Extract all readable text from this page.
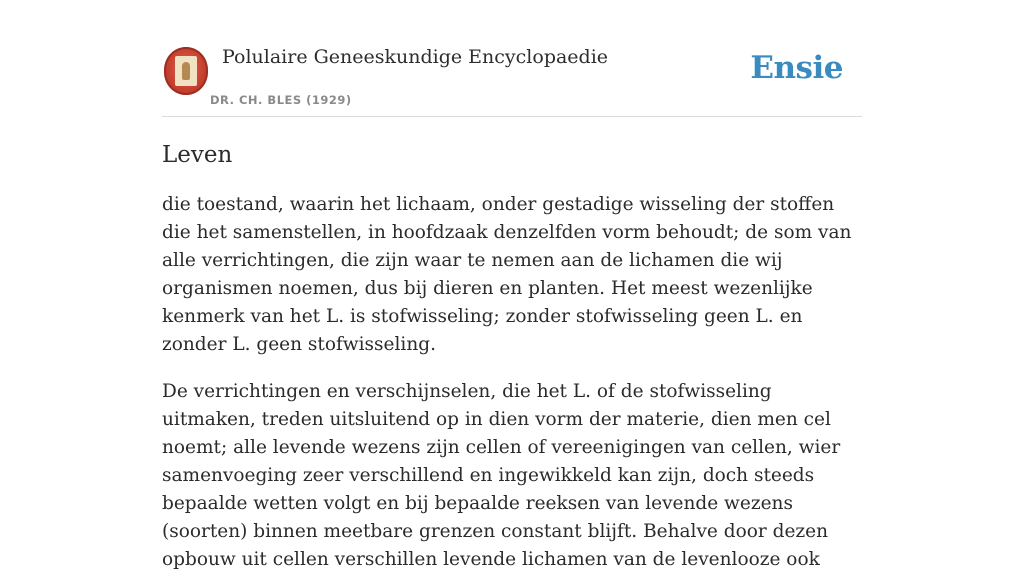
Polulaire Geneeskundige Encyclopaedie
DR. CH. BLES (1929)
Ensie
Leven

die toestand, waarin het lichaam, onder gestadige wisseling der stoffen die het samenstellen, in hoofdzaak denzelfden vorm behoudt; de som van alle verrichtingen, die zijn waar te nemen aan de lichamen die wij organismen noemen, dus bij dieren en planten. Het meest wezenlijke kenmerk van het L. is stofwisseling; zonder stofwisseling geen L. en zonder L. geen stofwisseling.

De verrichtingen en verschijnselen, die het L. of de stofwisseling uitmaken, treden uitsluitend op in dien vorm der materie, dien men cel noemt; alle levende wezens zijn cellen of vereenigingen van cellen, wier samenvoeging zeer verschillend en ingewikkeld kan zijn, doch steeds bepaalde wetten volgt en bij bepaalde reeksen van levende wezens (soorten) binnen meetbare grenzen constant blijft. Behalve door dezen opbouw uit cellen verschillen levende lichamen van de levenlooze ook
